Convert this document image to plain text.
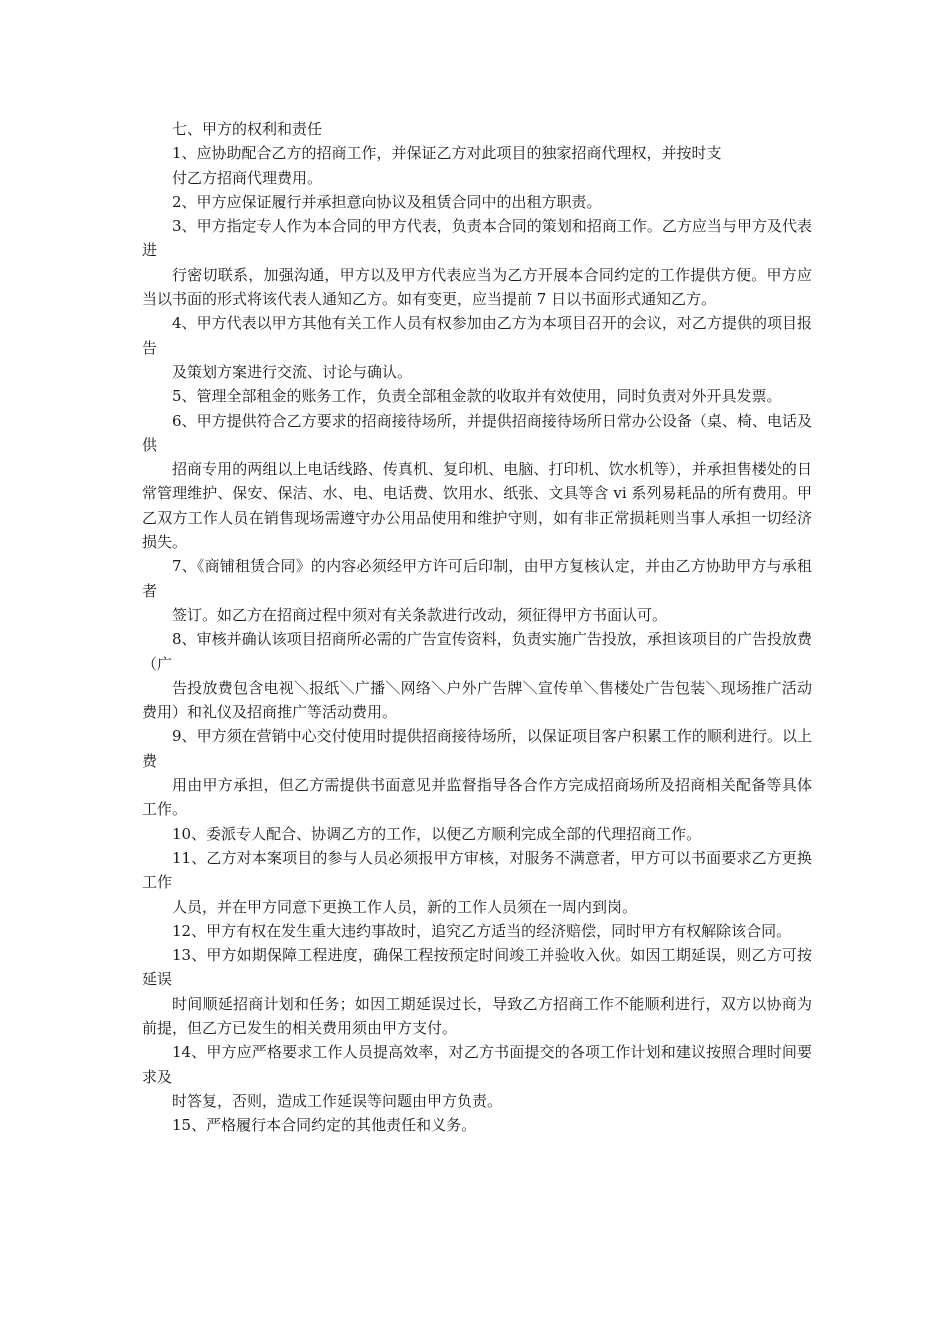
七、甲方的权利和责任

1、应协助配合乙方的招商工作，并保证乙方对此项目的独家招商代理权，并按时支

付乙方招商代理费用。

2、甲方应保证履行并承担意向协议及租赁合同中的出租方职责。

3、甲方指定专人作为本合同的甲方代表，负责本合同的策划和招商工作。乙方应当与甲方及代表进

行密切联系，加强沟通，甲方以及甲方代表应当为乙方开展本合同约定的工作提供方便。甲方应当以书面的形式将该代表人通知乙方。如有变更，应当提前 7 日以书面形式通知乙方。

4、甲方代表以甲方其他有关工作人员有权参加由乙方为本项目召开的会议，对乙方提供的项目报告

及策划方案进行交流、讨论与确认。

5、管理全部租金的账务工作，负责全部租金款的收取并有效使用，同时负责对外开具发票。

6、甲方提供符合乙方要求的招商接待场所，并提供招商接待场所日常办公设备（桌、椅、电话及供

招商专用的两组以上电话线路、传真机、复印机、电脑、打印机、饮水机等），并承担售楼处的日常管理维护、保安、保洁、水、电、电话费、饮用水、纸张、文具等含 vi 系列易耗品的所有费用。甲乙双方工作人员在销售现场需遵守办公用品使用和维护守则，如有非正常损耗则当事人承担一切经济损失。

7、《商铺租赁合同》的内容必须经甲方许可后印制，由甲方复核认定，并由乙方协助甲方与承租者

签订。如乙方在招商过程中须对有关条款进行改动，须征得甲方书面认可。

8、审核并确认该项目招商所必需的广告宣传资料，负责实施广告投放，承担该项目的广告投放费（广

告投放费包含电视＼报纸＼广播＼网络＼户外广告牌＼宣传单＼售楼处广告包装＼现场推广活动费用）和礼仪及招商推广等活动费用。

9、甲方须在营销中心交付使用时提供招商接待场所，以保证项目客户积累工作的顺利进行。以上费

用由甲方承担，但乙方需提供书面意见并监督指导各合作方完成招商场所及招商相关配备等具体工作。

10、委派专人配合、协调乙方的工作，以便乙方顺利完成全部的代理招商工作。

11、乙方对本案项目的参与人员必须报甲方审核，对服务不满意者，甲方可以书面要求乙方更换工作

人员，并在甲方同意下更换工作人员，新的工作人员须在一周内到岗。

12、甲方有权在发生重大违约事故时，追究乙方适当的经济赔偿，同时甲方有权解除该合同。

13、甲方如期保障工程进度，确保工程按预定时间竣工并验收入伙。如因工期延误，则乙方可按延误

时间顺延招商计划和任务；如因工期延误过长，导致乙方招商工作不能顺利进行，双方以协商为前提，但乙方已发生的相关费用须由甲方支付。

14、甲方应严格要求工作人员提高效率，对乙方书面提交的各项工作计划和建议按照合理时间要求及

时答复，否则，造成工作延误等问题由甲方负责。

15、严格履行本合同约定的其他责任和义务。
